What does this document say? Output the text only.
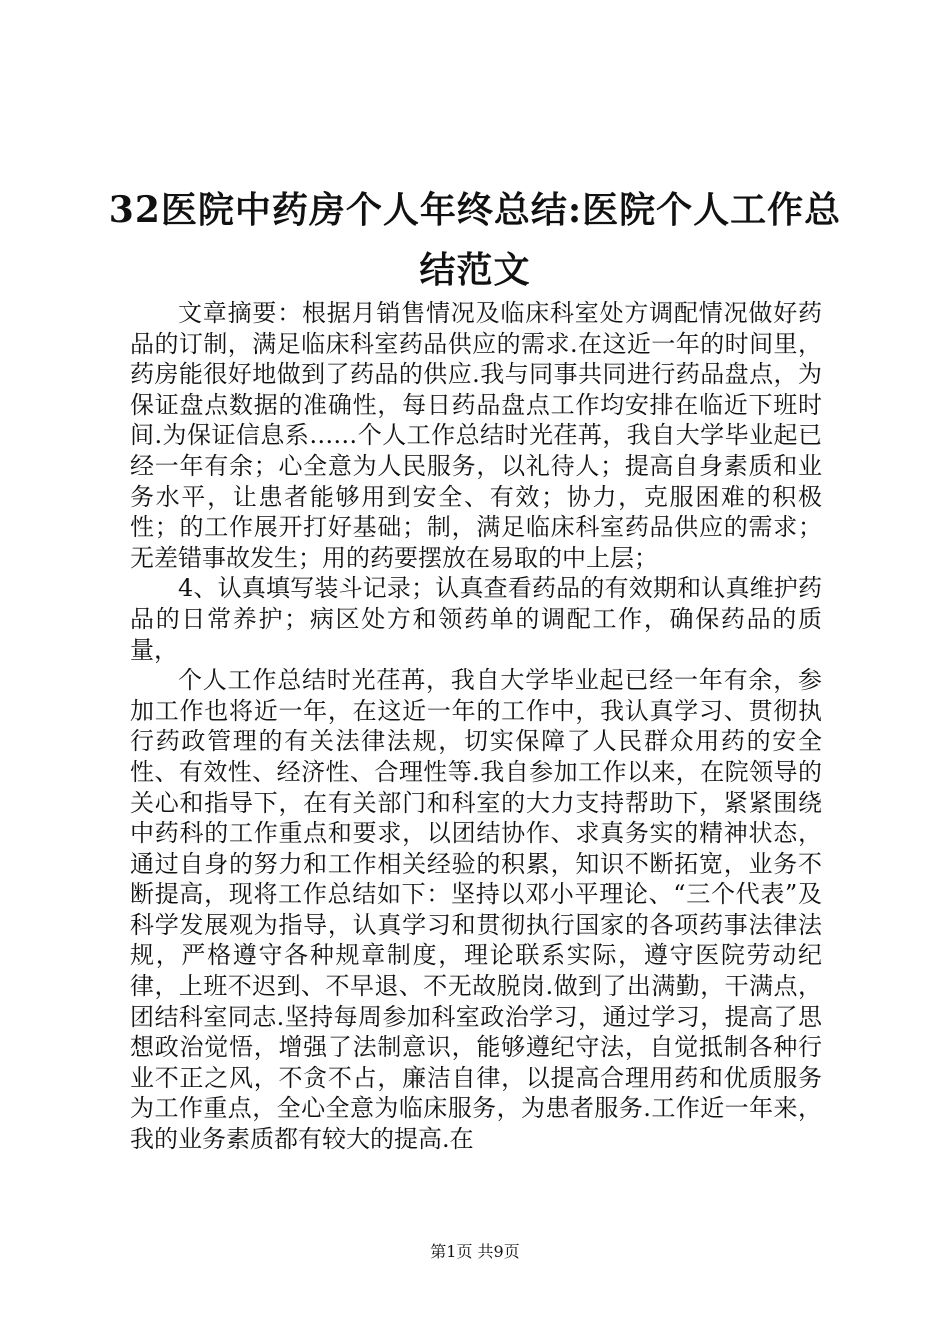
32医院中药房个人年终总结:医院个人工作总
结范文

文章摘要：根据月销售情况及临床科室处方调配情况做好药品的订制，满足临床科室药品供应的需求.在这近一年的时间里，药房能很好地做到了药品的供应.我与同事共同进行药品盘点，为保证盘点数据的准确性，每日药品盘点工作均安排在临近下班时间.为保证信息系……个人工作总结时光荏苒，我自大学毕业起已经一年有余；心全意为人民服务，以礼待人；提高自身素质和业务水平，让患者能够用到安全、有效；协力，克服困难的积极性；的工作展开打好基础；制，满足临床科室药品供应的需求；无差错事故发生；用的药要摆放在易取的中上层；

4、认真填写装斗记录；认真查看药品的有效期和认真维护药品的日常养护；病区处方和领药单的调配工作，确保药品的质量，

个人工作总结时光荏苒，我自大学毕业起已经一年有余，参加工作也将近一年，在这近一年的工作中，我认真学习、贯彻执行药政管理的有关法律法规，切实保障了人民群众用药的安全性、有效性、经济性、合理性等.我自参加工作以来，在院领导的关心和指导下，在有关部门和科室的大力支持帮助下，紧紧围绕中药科的工作重点和要求，以团结协作、求真务实的精神状态，通过自身的努力和工作相关经验的积累，知识不断拓宽，业务不断提高，现将工作总结如下：坚持以邓小平理论、“三个代表”及科学发展观为指导，认真学习和贯彻执行国家的各项药事法律法规，严格遵守各种规章制度，理论联系实际，遵守医院劳动纪律，上班不迟到、不早退、不无故脱岗.做到了出满勤，干满点，团结科室同志.坚持每周参加科室政治学习，通过学习，提高了思想政治觉悟，增强了法制意识，能够遵纪守法，自觉抵制各种行业不正之风，不贪不占，廉洁自律，以提高合理用药和优质服务为工作重点，全心全意为临床服务，为患者服务.工作近一年来，我的业务素质都有较大的提高.在

第1页 共9页
